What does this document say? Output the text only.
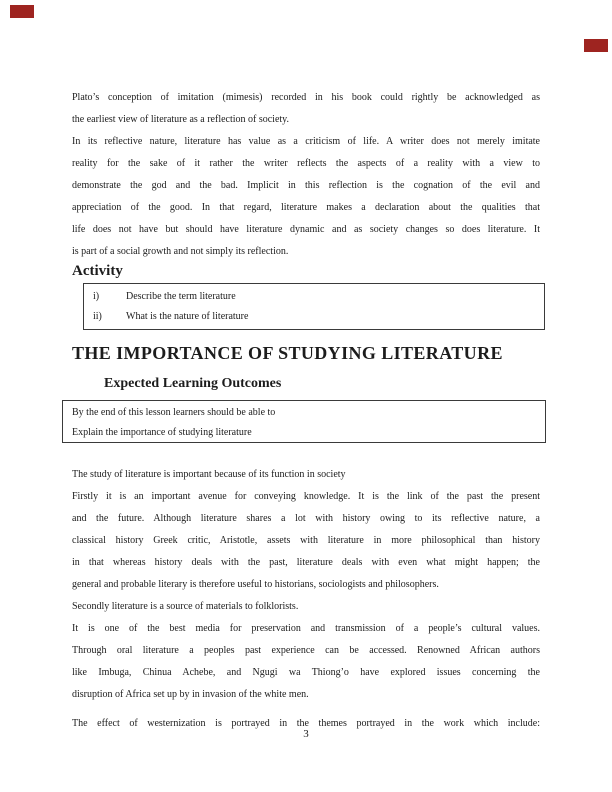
Plato’s conception of imitation (mimesis) recorded in his book could rightly be acknowledged as
the earliest view of literature as a reflection of society.
In its reflective nature, literature has value as a criticism of life. A writer does not merely imitate
reality for the sake of it rather the writer reflects the aspects of a reality with a view to
demonstrate the god and the bad. Implicit in this reflection is the cognation of the evil and
appreciation of the good. In that regard, literature makes a declaration about the qualities that
life does not have but should have literature dynamic and as society changes so does literature. It
is part of a social growth and not simply its reflection.
Activity
i)	Describe the term literature
ii)	What is the nature of literature
THE IMPORTANCE OF STUDYING LITERATURE
Expected Learning Outcomes
By the end of this lesson learners should be able to
Explain the importance of studying literature
The study of literature is important because of its function in society
Firstly it is an important avenue for conveying knowledge. It is the link of the past the present
and the future. Although literature shares a lot with history owing to its reflective nature, a
classical history Greek critic, Aristotle, assets with literature in more philosophical than history
in that whereas history deals with the past, literature deals with even what might happen; the
general and probable literary is therefore useful to historians, sociologists and philosophers.
Secondly literature is a source of materials to folklorists.
It is one of the best media for preservation and transmission of a people’s cultural values.
Through oral literature a peoples past experience can be accessed. Renowned African authors
like Imbuga, Chinua Achebe, and Ngugi wa Thiong’o have explored issues concerning the
disruption of Africa set up by in invasion of the white men.
The effect of westernization is portrayed in the themes portrayed in the work which include:
3
